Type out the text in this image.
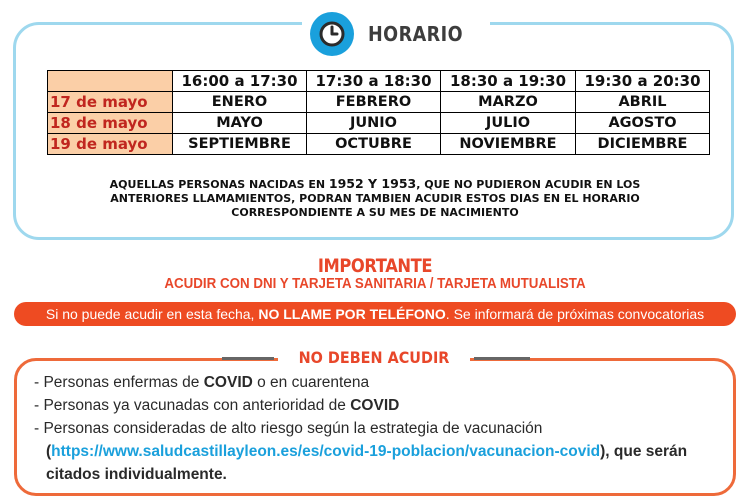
HORARIO
	16:00 a 17:30	17:30 a 18:30	18:30 a 19:30	19:30 a 20:30
17 de mayo	ENERO	FEBRERO	MARZO	ABRIL
18 de mayo	MAYO	JUNIO	JULIO	AGOSTO
19 de mayo	SEPTIEMBRE	OCTUBRE	NOVIEMBRE	DICIEMBRE
AQUELLAS PERSONAS NACIDAS EN 1952 Y 1953, QUE NO PUDIERON ACUDIR EN LOS
ANTERIORES LLAMAMIENTOS, PODRAN TAMBIEN ACUDIR ESTOS DIAS EN EL HORARIO
CORRESPONDIENTE A SU MES DE NACIMIENTO
IMPORTANTE
ACUDIR CON DNI Y TARJETA SANITARIA / TARJETA MUTUALISTA
Si no puede acudir en esta fecha, NO LLAME POR TELÉFONO. Se informará de próximas convocatorias
NO DEBEN ACUDIR
- Personas enfermas de COVID o en cuarentena
- Personas ya vacunadas con anterioridad de COVID
- Personas consideradas de alto riesgo según la estrategia de vacunación
(https://www.saludcastillayleon.es/es/covid-19-poblacion/vacunacion-covid), que serán
citados individualmente.
